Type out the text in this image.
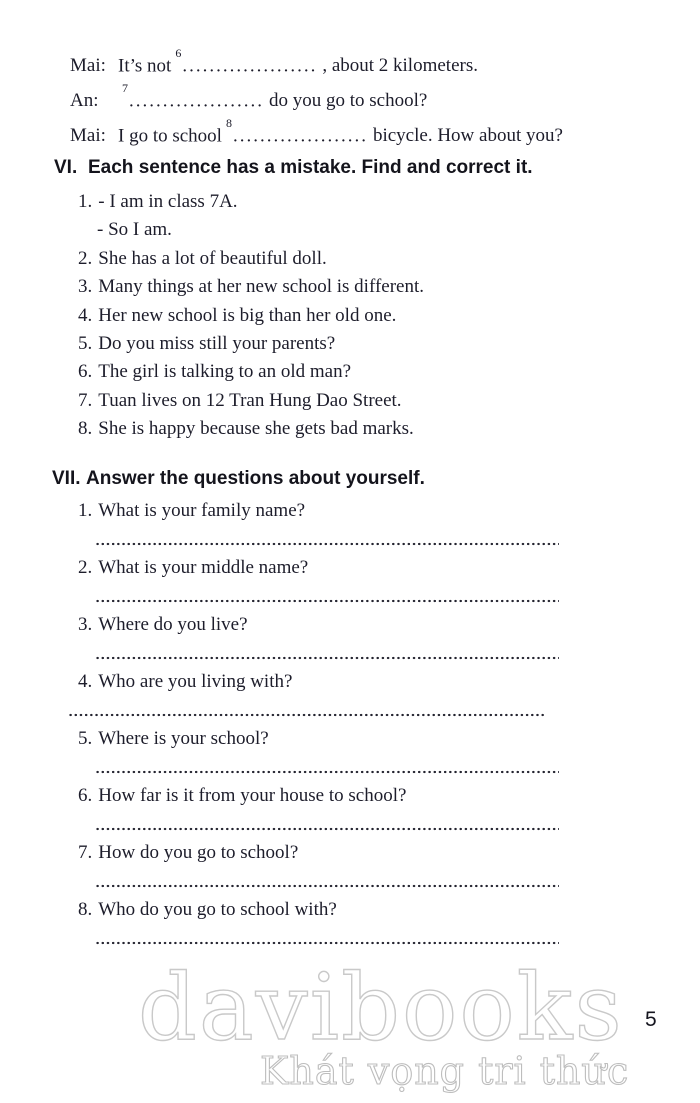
Mai: It’s not$^6$.................... , about 2 kilometers.
An:$^7$.................... do you go to school?
Mai: I go to school$^8$.................... bicycle. How about you?
VI. Each sentence has a mistake. Find and correct it.
1. - I am in class 7A.
- So I am.
2. She has a lot of beautiful doll.
3. Many things at her new school is different.
4. Her new school is big than her old one.
5. Do you miss still your parents?
6. The girl is talking to an old man?
7. Tuan lives on 12 Tran Hung Dao Street.
8. She is happy because she gets bad marks.
VII. Answer the questions about yourself.
1. What is your family name?
2. What is your middle name?
3. Where do you live?
4. Who are you living with?
5. Where is your school?
6. How far is it from your house to school?
7. How do you go to school?
8. Who do you go to school with?
davibooks
Khát vọng tri thức
5
